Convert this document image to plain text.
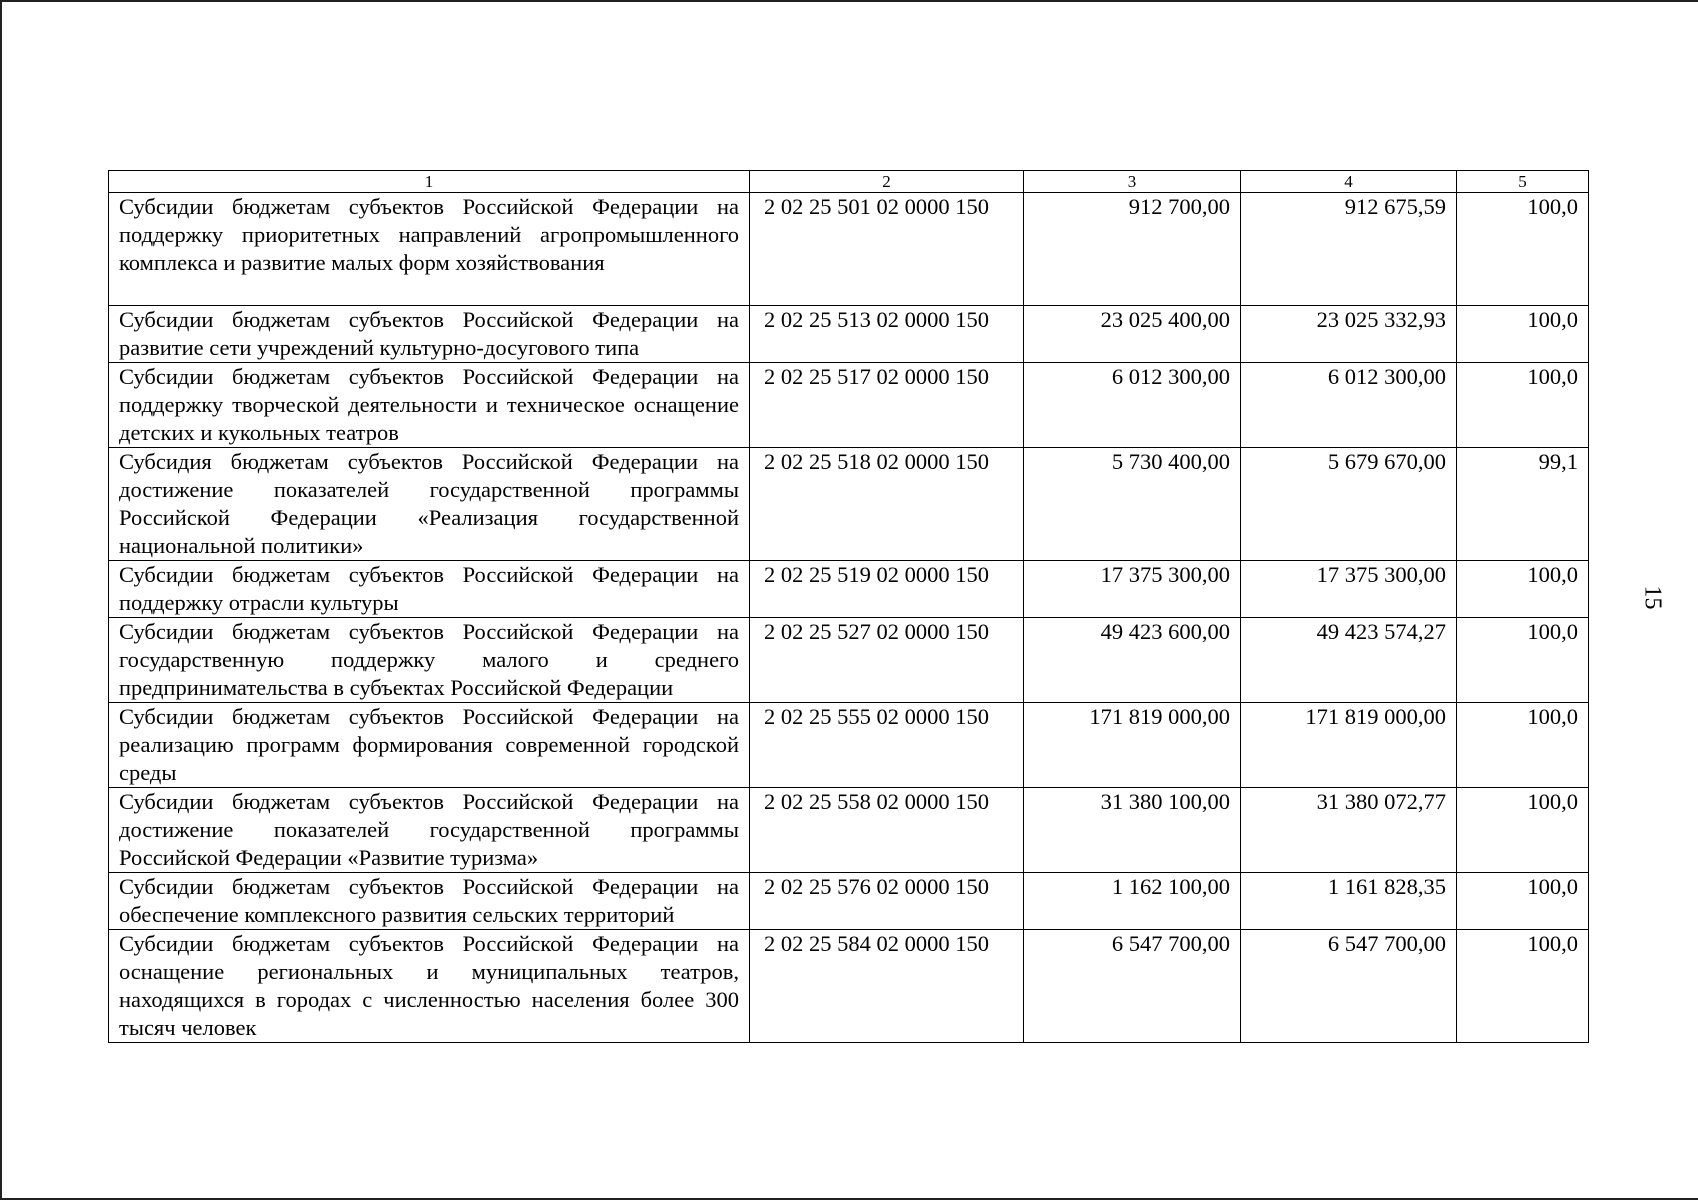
1	2	3	4	5
Субсидии бюджетам субъектов Российской Федерации на поддержку приоритетных направлений агропромышленного комплекса и развитие малых форм хозяйствования	2 02 25 501 02 0000 150	912 700,00	912 675,59	100,0
Субсидии бюджетам субъектов Российской Федерации на развитие сети учреждений культурно-досугового типа	2 02 25 513 02 0000 150	23 025 400,00	23 025 332,93	100,0
Субсидии бюджетам субъектов Российской Федерации на поддержку творческой деятельности и техническое оснащение детских и кукольных театров	2 02 25 517 02 0000 150	6 012 300,00	6 012 300,00	100,0
Субсидия бюджетам субъектов Российской Федерации на достижение показателей государственной программы Российской Федерации «Реализация государственной национальной политики»	2 02 25 518 02 0000 150	5 730 400,00	5 679 670,00	99,1
Субсидии бюджетам субъектов Российской Федерации на поддержку отрасли культуры	2 02 25 519 02 0000 150	17 375 300,00	17 375 300,00	100,0
Субсидии бюджетам субъектов Российской Федерации на государственную поддержку малого и среднего предпринимательства в субъектах Российской Федерации	2 02 25 527 02 0000 150	49 423 600,00	49 423 574,27	100,0
Субсидии бюджетам субъектов Российской Федерации на реализацию программ формирования современной городской среды	2 02 25 555 02 0000 150	171 819 000,00	171 819 000,00	100,0
Субсидии бюджетам субъектов Российской Федерации на достижение показателей государственной программы Российской Федерации «Развитие туризма»	2 02 25 558 02 0000 150	31 380 100,00	31 380 072,77	100,0
Субсидии бюджетам субъектов Российской Федерации на обеспечение комплексного развития сельских территорий	2 02 25 576 02 0000 150	1 162 100,00	1 161 828,35	100,0
Субсидии бюджетам субъектов Российской Федерации на оснащение региональных и муниципальных театров, находящихся в городах с численностью населения более 300 тысяч человек	2 02 25 584 02 0000 150	6 547 700,00	6 547 700,00	100,0
15
